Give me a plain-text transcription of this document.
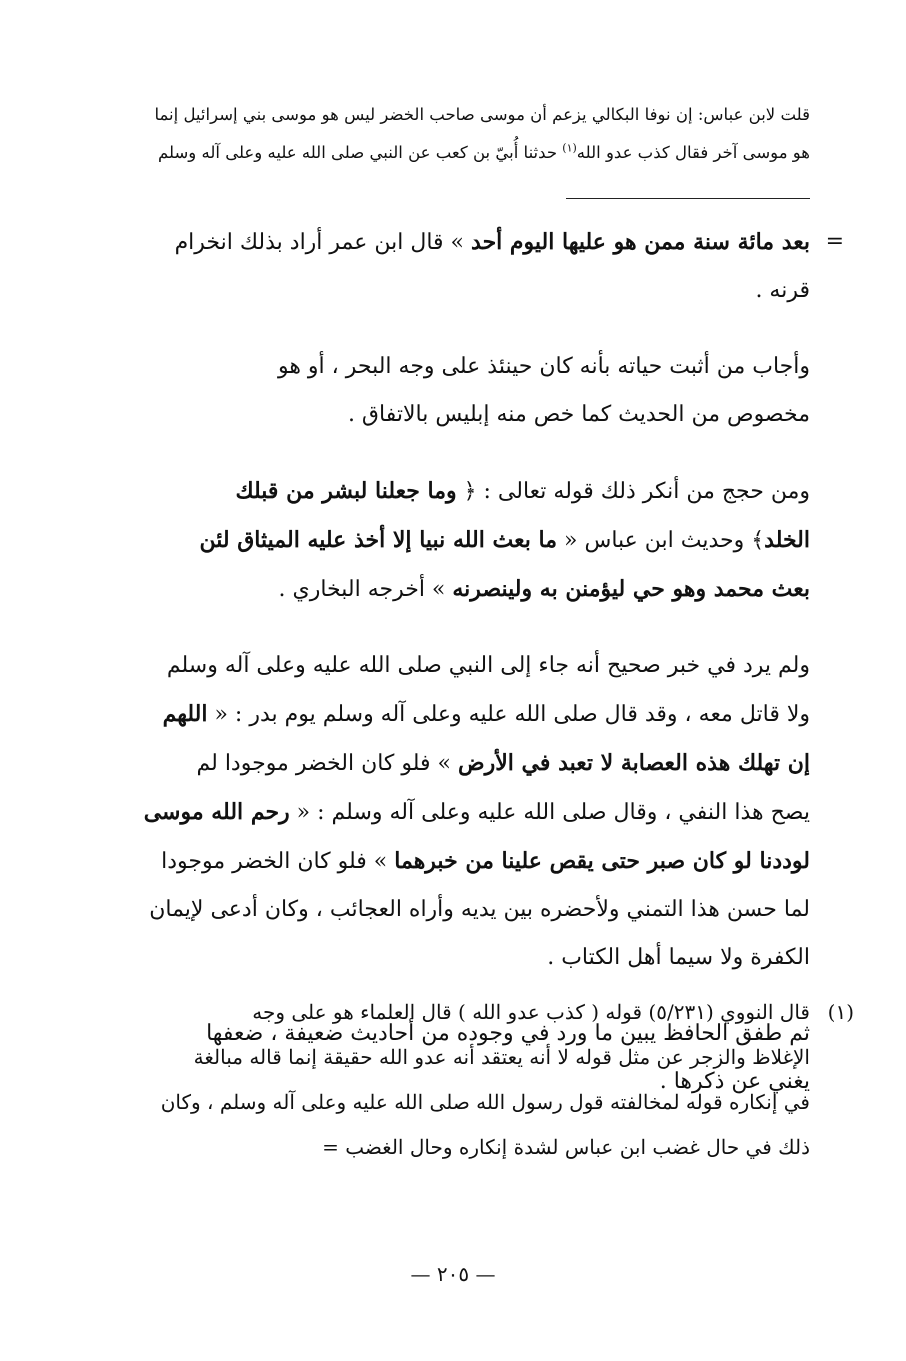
قلت لابن عباس: إن نوفا البكالي يزعم أن موسى صاحب الخضر ليس هو موسى بني إسرائيل إنما
هو موسى آخر فقال كذب عدو الله$^{(١)}$ حدثنا أُبيّ بن كعب عن النبي صلى الله عليه وعلى آله وسلم
=
بعد مائة سنة ممن هو عليها اليوم أحد » قال ابن عمر أراد بذلك انخرام
قرنه .
وأجاب من أثبت حياته بأنه كان حينئذ على وجه البحر ، أو هو
مخصوص من الحديث كما خص منه إبليس بالاتفاق .
ومن حجج من أنكر ذلك قوله تعالى : ﴿ وما جعلنا لبشر من قبلك
الخلد﴾ وحديث ابن عباس « ما بعث الله نبيا إلا أخذ عليه الميثاق لئن
بعث محمد وهو حي ليؤمنن به ولينصرنه » أخرجه البخاري .
ولم يرد في خبر صحيح أنه جاء إلى النبي صلى الله عليه وعلى آله وسلم
ولا قاتل معه ، وقد قال صلى الله عليه وعلى آله وسلم يوم بدر : « اللهم
إن تهلك هذه العصابة لا تعبد في الأرض » فلو كان الخضر موجودا لم
يصح هذا النفي ، وقال صلى الله عليه وعلى آله وسلم : « رحم الله موسى
لوددنا لو كان صبر حتى يقص علينا من خبرهما » فلو كان الخضر موجودا
لما حسن هذا التمني ولأحضره بين يديه وأراه العجائب ، وكان أدعى لإيمان
الكفرة ولا سيما أهل الكتاب .
ثم طفق الحافظ يبين ما ورد في وجوده من أحاديث ضعيفة ، ضعفها
يغني عن ذكرها .
(١)
قال النووي (٥/٢٣١) قوله ( كذب عدو الله ) قال العلماء هو على وجه
الإغلاظ والزجر عن مثل قوله لا أنه يعتقد أنه عدو الله حقيقة إنما قاله مبالغة
في إنكاره قوله لمخالفته قول رسول الله صلى الله عليه وعلى آله وسلم ، وكان
ذلك في حال غضب ابن عباس لشدة إنكاره وحال الغضب =
— ٢٠٥ —
